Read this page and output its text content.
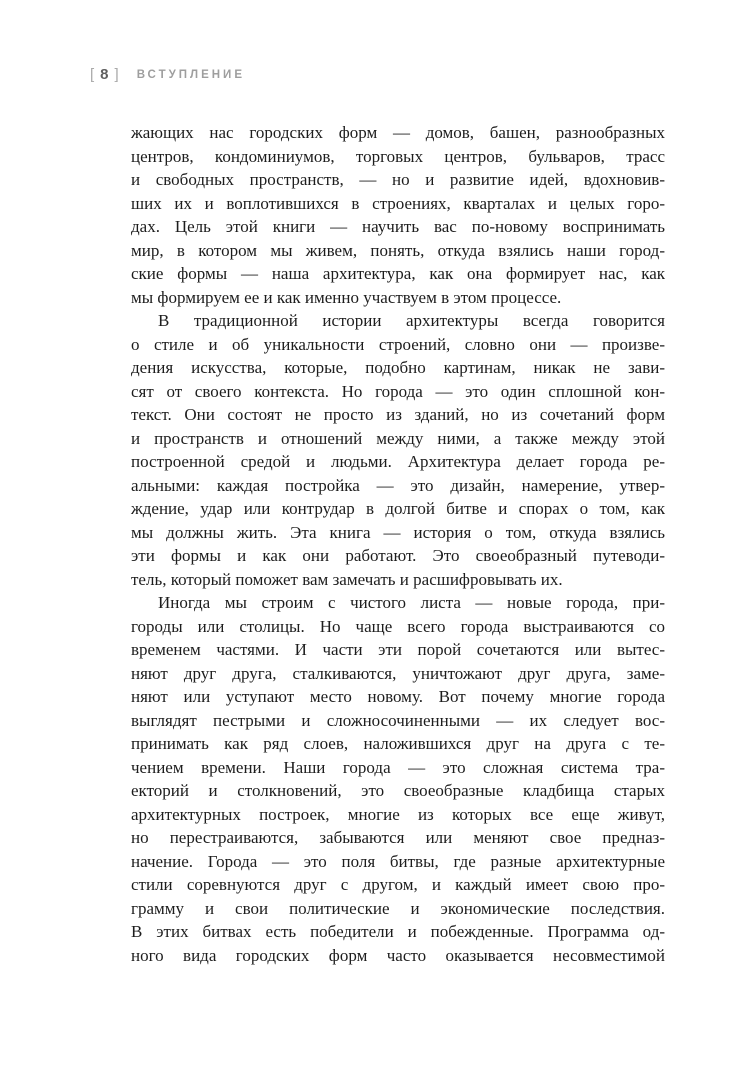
[ 8 ] ВСТУПЛЕНИЕ
жающих нас городских форм — домов, башен, разнообразных
центров, кондоминиумов, торговых центров, бульваров, трасс
и свободных пространств, — но и развитие идей, вдохновив-
ших их и воплотившихся в строениях, кварталах и целых горо-
дах. Цель этой книги — научить вас по-новому воспринимать
мир, в котором мы живем, понять, откуда взялись наши город-
ские формы — наша архитектура, как она формирует нас, как
мы формируем ее и как именно участвуем в этом процессе.
В традиционной истории архитектуры всегда говорится
о стиле и об уникальности строений, словно они — произве-
дения искусства, которые, подобно картинам, никак не зави-
сят от своего контекста. Но города — это один сплошной кон-
текст. Они состоят не просто из зданий, но из сочетаний форм
и пространств и отношений между ними, а также между этой
построенной средой и людьми. Архитектура делает города ре-
альными: каждая постройка — это дизайн, намерение, утвер-
ждение, удар или контрудар в долгой битве и спорах о том, как
мы должны жить. Эта книга — история о том, откуда взялись
эти формы и как они работают. Это своеобразный путеводи-
тель, который поможет вам замечать и расшифровывать их.
Иногда мы строим с чистого листа — новые города, при-
городы или столицы. Но чаще всего города выстраиваются со
временем частями. И части эти порой сочетаются или вытес-
няют друг друга, сталкиваются, уничтожают друг друга, заме-
няют или уступают место новому. Вот почему многие города
выглядят пестрыми и сложносочиненными — их следует вос-
принимать как ряд слоев, наложившихся друг на друга с те-
чением времени. Наши города — это сложная система тра-
екторий и столкновений, это своеобразные кладбища старых
архитектурных построек, многие из которых все еще живут,
но перестраиваются, забываются или меняют свое предназ-
начение. Города — это поля битвы, где разные архитектурные
стили соревнуются друг с другом, и каждый имеет свою про-
грамму и свои политические и экономические последствия.
В этих битвах есть победители и побежденные. Программа од-
ного вида городских форм часто оказывается несовместимой
